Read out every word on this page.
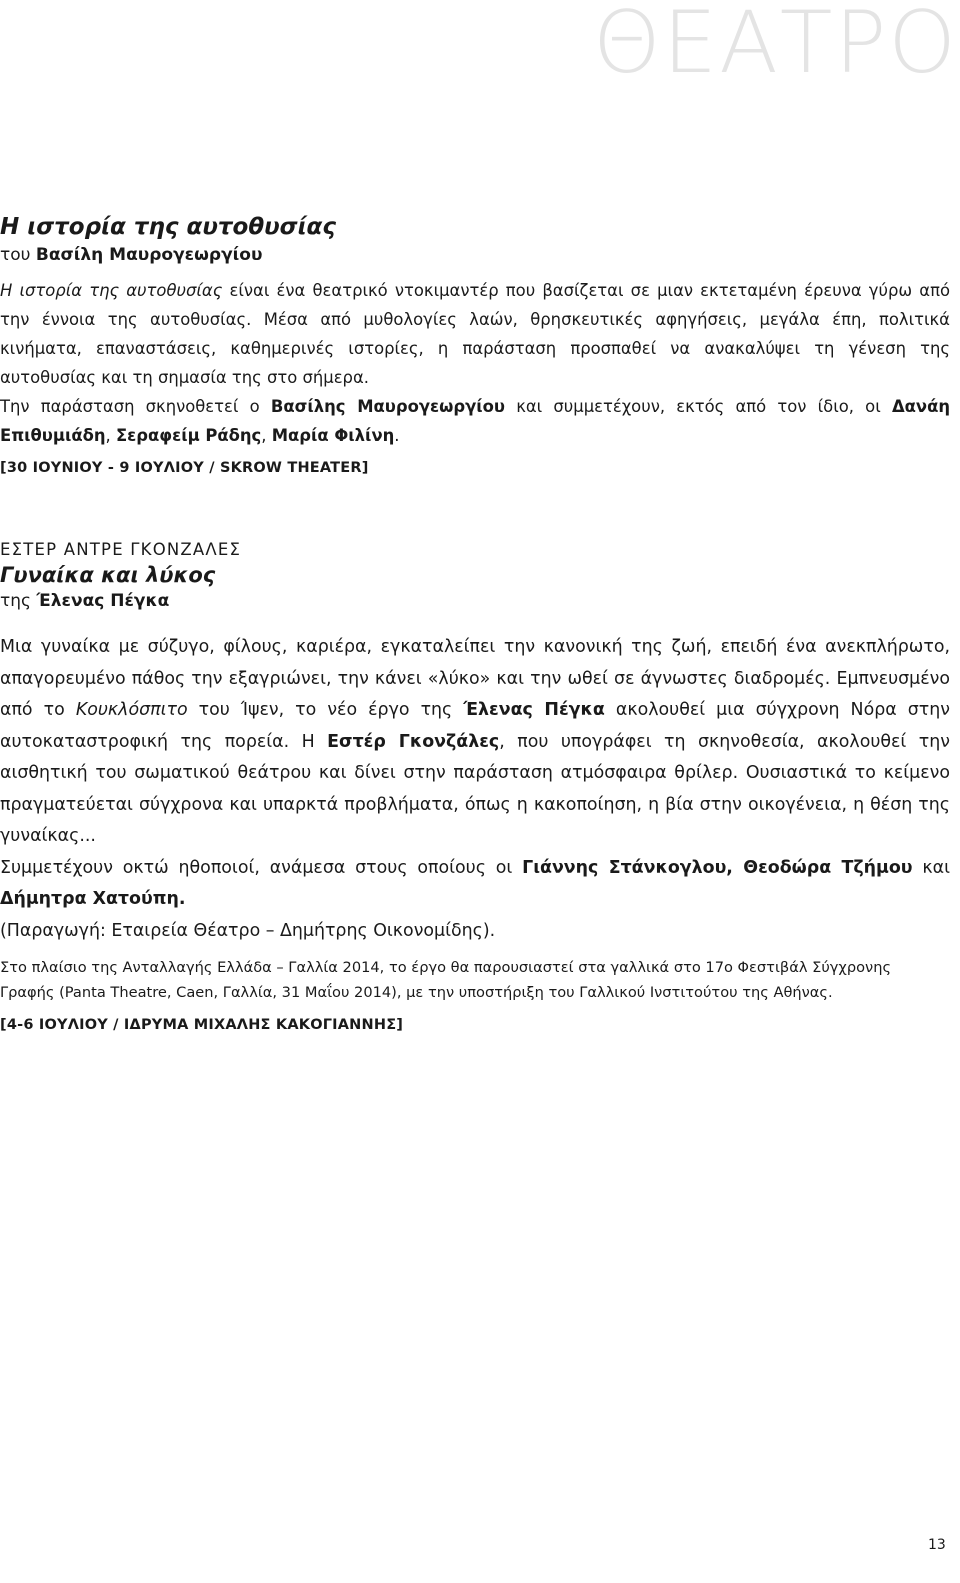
ΘΕΑΤΡΟ
Η ιστορία της αυτοθυσίας

του Βασίλη Μαυρογεωργίου

Η ιστορία της αυτοθυσίας είναι ένα θεατρικό ντοκιμαντέρ που βασίζεται σε μιαν εκτεταμένη έρευνα γύρω από την έννοια της αυτοθυσίας. Μέσα από μυθολογίες λαών, θρησκευτικές αφηγήσεις, μεγάλα έπη, πολιτικά κινήματα, επαναστάσεις, καθημερινές ιστορίες, η παράσταση προσπαθεί να ανακαλύψει τη γένεση της αυτοθυσίας και τη σημασία της στο σήμερα.

Την παράσταση σκηνοθετεί ο Βασίλης Μαυρογεωργίου και συμμετέχουν, εκτός από τον ίδιο, οι Δανάη Επιθυμιάδη, Σεραφείμ Ράδης, Μαρία Φιλίνη.

[30 ΙΟΥΝΙΟΥ - 9 ΙΟΥΛΙΟΥ / SKROW THEATER]

ΕΣΤΕΡ ΑΝΤΡΕ ΓΚΟΝΖΑΛΕΣ

Γυναίκα και λύκος

της Έλενας Πέγκα

Μια γυναίκα με σύζυγο, φίλους, καριέρα, εγκαταλείπει την κανονική της ζωή, επειδή ένα ανεκπλήρωτο, απαγορευμένο πάθος την εξαγριώνει, την κάνει «λύκο» και την ωθεί σε άγνωστες διαδρομές. Εμπνευσμένο από το Κουκλόσπιτο του Ίψεν, το νέο έργο της Έλενας Πέγκα ακολουθεί μια σύγχρονη Νόρα στην αυτοκαταστροφική της πορεία. Η Εστέρ Γκονζάλες, που υπογράφει τη σκηνοθεσία, ακολουθεί την αισθητική του σωματικού θεάτρου και δίνει στην παράσταση ατμόσφαιρα θρίλερ. Ουσιαστικά το κείμενο πραγματεύεται σύγχρονα και υπαρκτά προβλήματα, όπως η κακοποίηση, η βία στην οικογένεια, η θέση της γυναίκας...

Συμμετέχουν οκτώ ηθοποιοί, ανάμεσα στους οποίους οι Γιάννης Στάνκογλου, Θεοδώρα Τζήμου και Δήμητρα Χατούπη.

(Παραγωγή: Εταιρεία Θέατρο – Δημήτρης Οικονομίδης).

Στο πλαίσιο της Ανταλλαγής Ελλάδα – Γαλλία 2014, το έργο θα παρουσιαστεί στα γαλλικά στο 17ο Φεστιβάλ Σύγχρονης Γραφής (Panta Theatre, Caen, Γαλλία, 31 Μαΐου 2014), με την υποστήριξη του Γαλλικού Ινστιτούτου της Αθήνας.

[4-6 ΙΟΥΛΙΟΥ / ΙΔΡΥΜΑ ΜΙΧΑΛΗΣ ΚΑΚΟΓΙΑΝΝΗΣ]

13
